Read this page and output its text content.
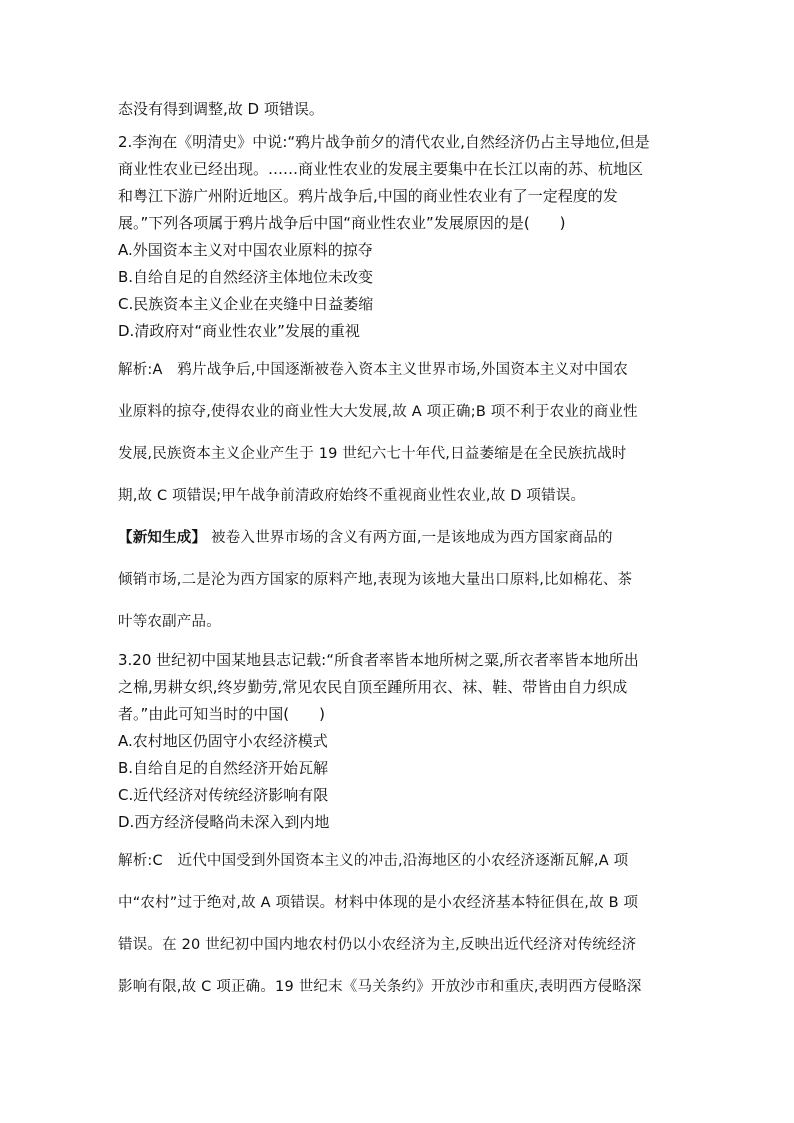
态没有得到调整,故 D 项错误。

2.李洵在《明清史》中说:“鸦片战争前夕的清代农业,自然经济仍占主导地位,但是

商业性农业已经出现。……商业性农业的发展主要集中在长江以南的苏、杭地区

和粤江下游广州附近地区。鸦片战争后,中国的商业性农业有了一定程度的发

展。”下列各项属于鸦片战争后中国“商业性农业”发展原因的是(　　)

A.外国资本主义对中国农业原料的掠夺

B.自给自足的自然经济主体地位未改变

C.民族资本主义企业在夹缝中日益萎缩

D.清政府对“商业性农业”发展的重视

解析:A　鸦片战争后,中国逐渐被卷入资本主义世界市场,外国资本主义对中国农

业原料的掠夺,使得农业的商业性大大发展,故 A 项正确;B 项不利于农业的商业性

发展,民族资本主义企业产生于 19 世纪六七十年代,日益萎缩是在全民族抗战时

期,故 C 项错误;甲午战争前清政府始终不重视商业性农业,故 D 项错误。

【新知生成】 被卷入世界市场的含义有两方面,一是该地成为西方国家商品的

倾销市场,二是沦为西方国家的原料产地,表现为该地大量出口原料,比如棉花、茶

叶等农副产品。

3.20 世纪初中国某地县志记载:“所食者率皆本地所树之粟,所衣者率皆本地所出

之棉,男耕女织,终岁勤劳,常见农民自顶至踵所用衣、袜、鞋、带皆由自力织成

者。”由此可知当时的中国(　　)

A.农村地区仍固守小农经济模式

B.自给自足的自然经济开始瓦解

C.近代经济对传统经济影响有限

D.西方经济侵略尚未深入到内地

解析:C　近代中国受到外国资本主义的冲击,沿海地区的小农经济逐渐瓦解,A 项

中“农村”过于绝对,故 A 项错误。材料中体现的是小农经济基本特征俱在,故 B 项

错误。在 20 世纪初中国内地农村仍以小农经济为主,反映出近代经济对传统经济

影响有限,故 C 项正确。19 世纪末《马关条约》开放沙市和重庆,表明西方侵略深
